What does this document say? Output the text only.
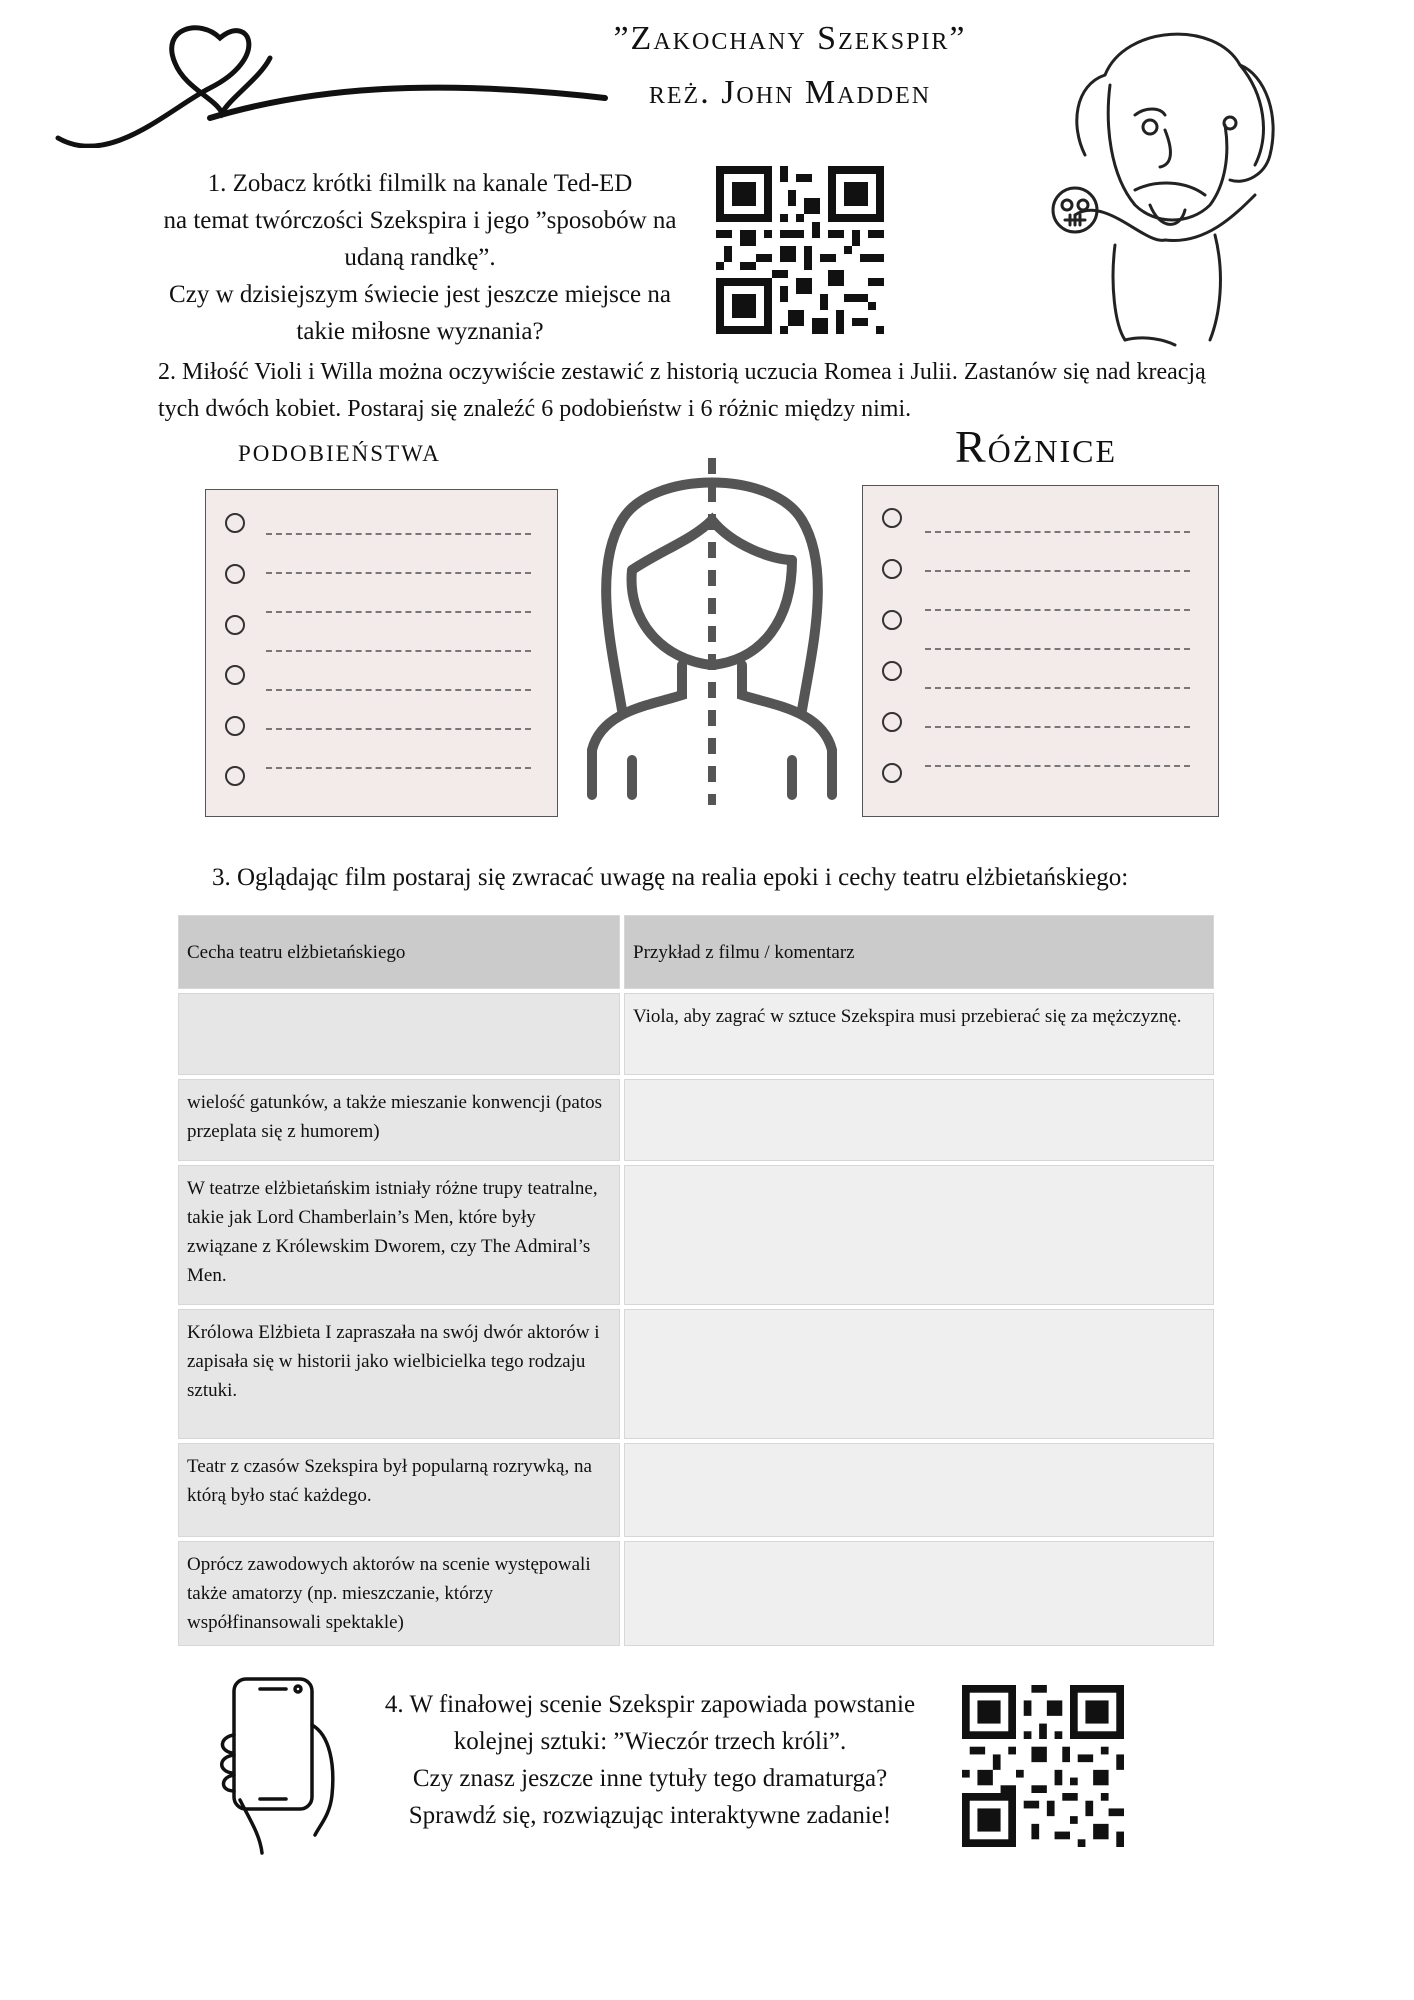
”Zakochany Szekspir”
reż. John Madden
1. Zobacz krótki filmilk na kanale Ted-ED
na temat twórczości Szekspira i jego ”sposobów na
udaną randkę”.
Czy w dzisiejszym świecie jest jeszcze miejsce na
takie miłosne wyznania?
2. Miłość Violi i Willa można oczywiście zestawić z historią uczucia Romea i Julii. Zastanów się nad kreacją tych dwóch kobiet. Postaraj się znaleźć 6 podobieństw i 6 różnic między nimi.
podobieństwa	Różnice
3. Oglądając film postaraj się zwracać uwagę na realia epoki i cechy teatru elżbietańskiego:
Cecha teatru elżbietańskiego	Przykład z filmu / komentarz
	Viola, aby zagrać w sztuce Szekspira musi przebierać się za mężczyznę.
wielość gatunków, a także mieszanie konwencji (patos przeplata się z humorem)	
W teatrze elżbietańskim istniały różne trupy teatralne, takie jak Lord Chamberlain’s Men, które były związane z Królewskim Dworem, czy The Admiral’s Men.	
Królowa Elżbieta I zapraszała na swój dwór aktorów i zapisała się w historii jako wielbicielka tego rodzaju sztuki.	
Teatr z czasów Szekspira był popularną rozrywką, na którą było stać każdego.	
Oprócz zawodowych aktorów na scenie występowali także amatorzy (np. mieszczanie, którzy współfinansowali spektakle)	
4. W finałowej scenie Szekspir zapowiada powstanie
kolejnej sztuki: ”Wieczór trzech króli”.
Czy znasz jeszcze inne tytuły tego dramaturga?
Sprawdź się, rozwiązując interaktywne zadanie!
